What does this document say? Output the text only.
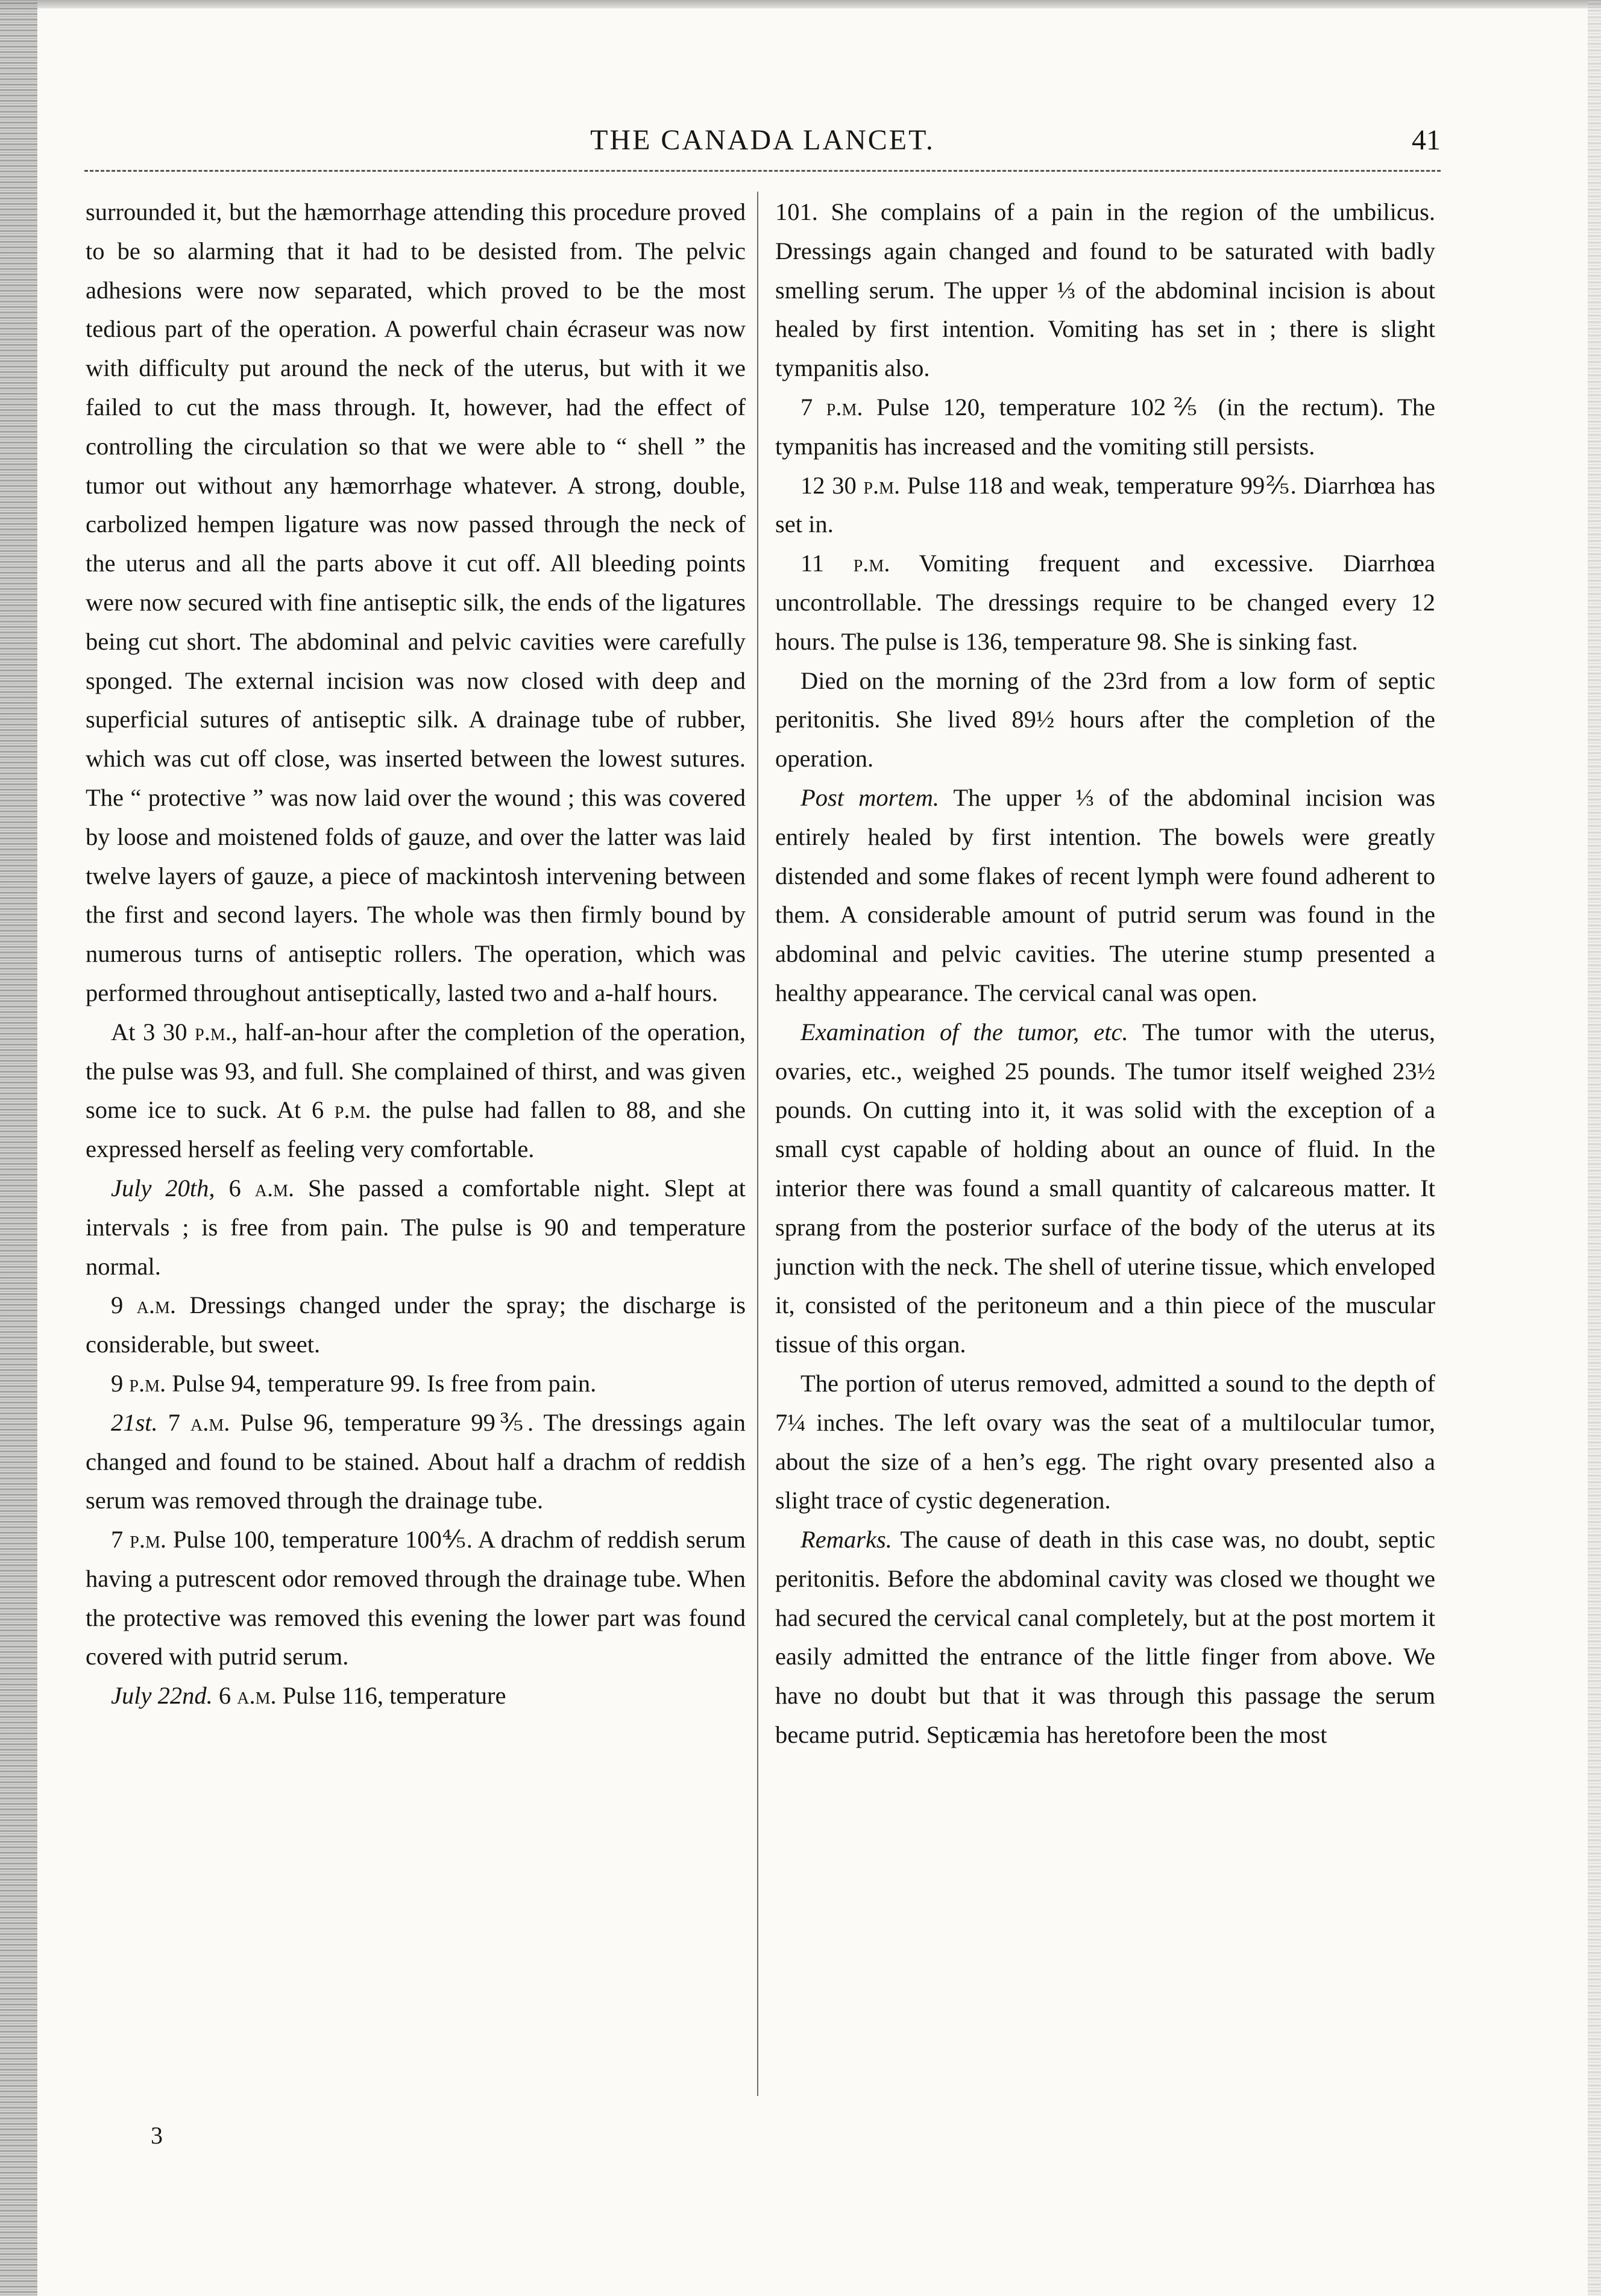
THE CANADA LANCET.	41

surrounded it, but the hæmorrhage attending this procedure proved to be so alarming that it had to be desisted from. The pelvic adhesions were now separated, which proved to be the most tedious part of the operation. A powerful chain écraseur was now with difficulty put around the neck of the uterus, but with it we failed to cut the mass through. It, however, had the effect of controlling the circulation so that we were able to “ shell ” the tumor out without any hæmorrhage whatever. A strong, double, carbolized hempen ligature was now passed through the neck of the uterus and all the parts above it cut off. All bleeding points were now secured with fine antiseptic silk, the ends of the ligatures being cut short. The abdominal and pelvic cavities were carefully sponged. The external incision was now closed with deep and superficial sutures of antiseptic silk. A drainage tube of rubber, which was cut off close, was inserted between the lowest sutures. The “ protective ” was now laid over the wound ; this was covered by loose and moistened folds of gauze, and over the latter was laid twelve layers of gauze, a piece of mackintosh intervening between the first and second layers. The whole was then firmly bound by numerous turns of antiseptic rollers. The operation, which was performed throughout antiseptically, lasted two and a-half hours.

At 3 30 p.m., half-an-hour after the completion of the operation, the pulse was 93, and full. She complained of thirst, and was given some ice to suck. At 6 p.m. the pulse had fallen to 88, and she expressed herself as feeling very comfortable.

July 20th, 6 a.m. She passed a comfortable night. Slept at intervals ; is free from pain. The pulse is 90 and temperature normal.

9 a.m. Dressings changed under the spray; the discharge is considerable, but sweet.

9 p.m. Pulse 94, temperature 99. Is free from pain.

21st. 7 a.m. Pulse 96, temperature 99⅗. The dressings again changed and found to be stained. About half a drachm of reddish serum was removed through the drainage tube.

7 p.m. Pulse 100, temperature 100⅘. A drachm of reddish serum having a putrescent odor removed through the drainage tube. When the protective was removed this evening the lower part was found covered with putrid serum.

July 22nd. 6 a.m. Pulse 116, temperature

101. She complains of a pain in the region of the umbilicus. Dressings again changed and found to be saturated with badly smelling serum. The upper ⅓ of the abdominal incision is about healed by first intention. Vomiting has set in ; there is slight tympanitis also.

7 p.m. Pulse 120, temperature 102⅖ (in the rectum). The tympanitis has increased and the vomiting still persists.

12 30 p.m. Pulse 118 and weak, temperature 99⅖. Diarrhœa has set in.

11 p.m. Vomiting frequent and excessive. Diarrhœa uncontrollable. The dressings require to be changed every 12 hours. The pulse is 136, temperature 98. She is sinking fast.

Died on the morning of the 23rd from a low form of septic peritonitis. She lived 89½ hours after the completion of the operation.

Post mortem. The upper ⅓ of the abdominal incision was entirely healed by first intention. The bowels were greatly distended and some flakes of recent lymph were found adherent to them. A considerable amount of putrid serum was found in the abdominal and pelvic cavities. The uterine stump presented a healthy appearance. The cervical canal was open.

Examination of the tumor, etc. The tumor with the uterus, ovaries, etc., weighed 25 pounds. The tumor itself weighed 23½ pounds. On cutting into it, it was solid with the exception of a small cyst capable of holding about an ounce of fluid. In the interior there was found a small quantity of calcareous matter. It sprang from the posterior surface of the body of the uterus at its junction with the neck. The shell of uterine tissue, which enveloped it, consisted of the peritoneum and a thin piece of the muscular tissue of this organ.

The portion of uterus removed, admitted a sound to the depth of 7¼ inches. The left ovary was the seat of a multilocular tumor, about the size of a hen’s egg. The right ovary presented also a slight trace of cystic degeneration.

Remarks. The cause of death in this case was, no doubt, septic peritonitis. Before the abdominal cavity was closed we thought we had secured the cervical canal completely, but at the post mortem it easily admitted the entrance of the little finger from above. We have no doubt but that it was through this passage the serum became putrid. Septicæmia has heretofore been the most

3
